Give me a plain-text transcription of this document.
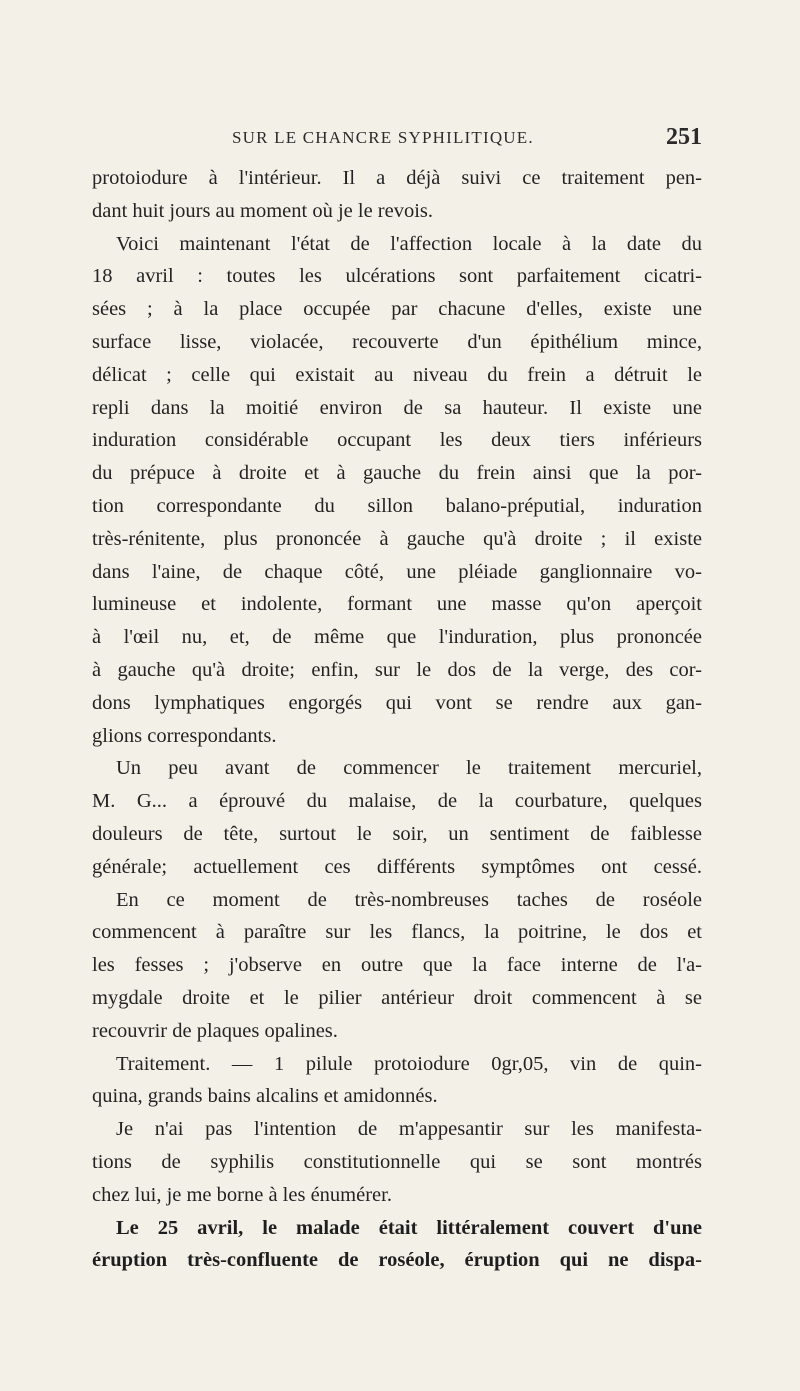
SUR LE CHANCRE SYPHILITIQUE.	251
protoiodure à l'intérieur. Il a déjà suivi ce traitement pen-
dant huit jours au moment où je le revois.
Voici maintenant l'état de l'affection locale à la date du
18 avril : toutes les ulcérations sont parfaitement cicatri-
sées ; à la place occupée par chacune d'elles, existe une
surface lisse, violacée, recouverte d'un épithélium mince,
délicat ; celle qui existait au niveau du frein a détruit le
repli dans la moitié environ de sa hauteur. Il existe une
induration considérable occupant les deux tiers inférieurs
du prépuce à droite et à gauche du frein ainsi que la por-
tion correspondante du sillon balano-préputial, induration
très-rénitente, plus prononcée à gauche qu'à droite ; il existe
dans l'aine, de chaque côté, une pléiade ganglionnaire vo-
lumineuse et indolente, formant une masse qu'on aperçoit
à l'œil nu, et, de même que l'induration, plus prononcée
à gauche qu'à droite; enfin, sur le dos de la verge, des cor-
dons lymphatiques engorgés qui vont se rendre aux gan-
glions correspondants.
Un peu avant de commencer le traitement mercuriel,
M. G... a éprouvé du malaise, de la courbature, quelques
douleurs de tête, surtout le soir, un sentiment de faiblesse
générale; actuellement ces différents symptômes ont cessé.
En ce moment de très-nombreuses taches de roséole
commencent à paraître sur les flancs, la poitrine, le dos et
les fesses ; j'observe en outre que la face interne de l'a-
mygdale droite et le pilier antérieur droit commencent à se
recouvrir de plaques opalines.
Traitement. — 1 pilule protoiodure 0gr,05, vin de quin-
quina, grands bains alcalins et amidonnés.
Je n'ai pas l'intention de m'appesantir sur les manifesta-
tions de syphilis constitutionnelle qui se sont montrés
chez lui, je me borne à les énumérer.
Le 25 avril, le malade était littéralement couvert d'une
éruption très-confluente de roséole, éruption qui ne dispa-
